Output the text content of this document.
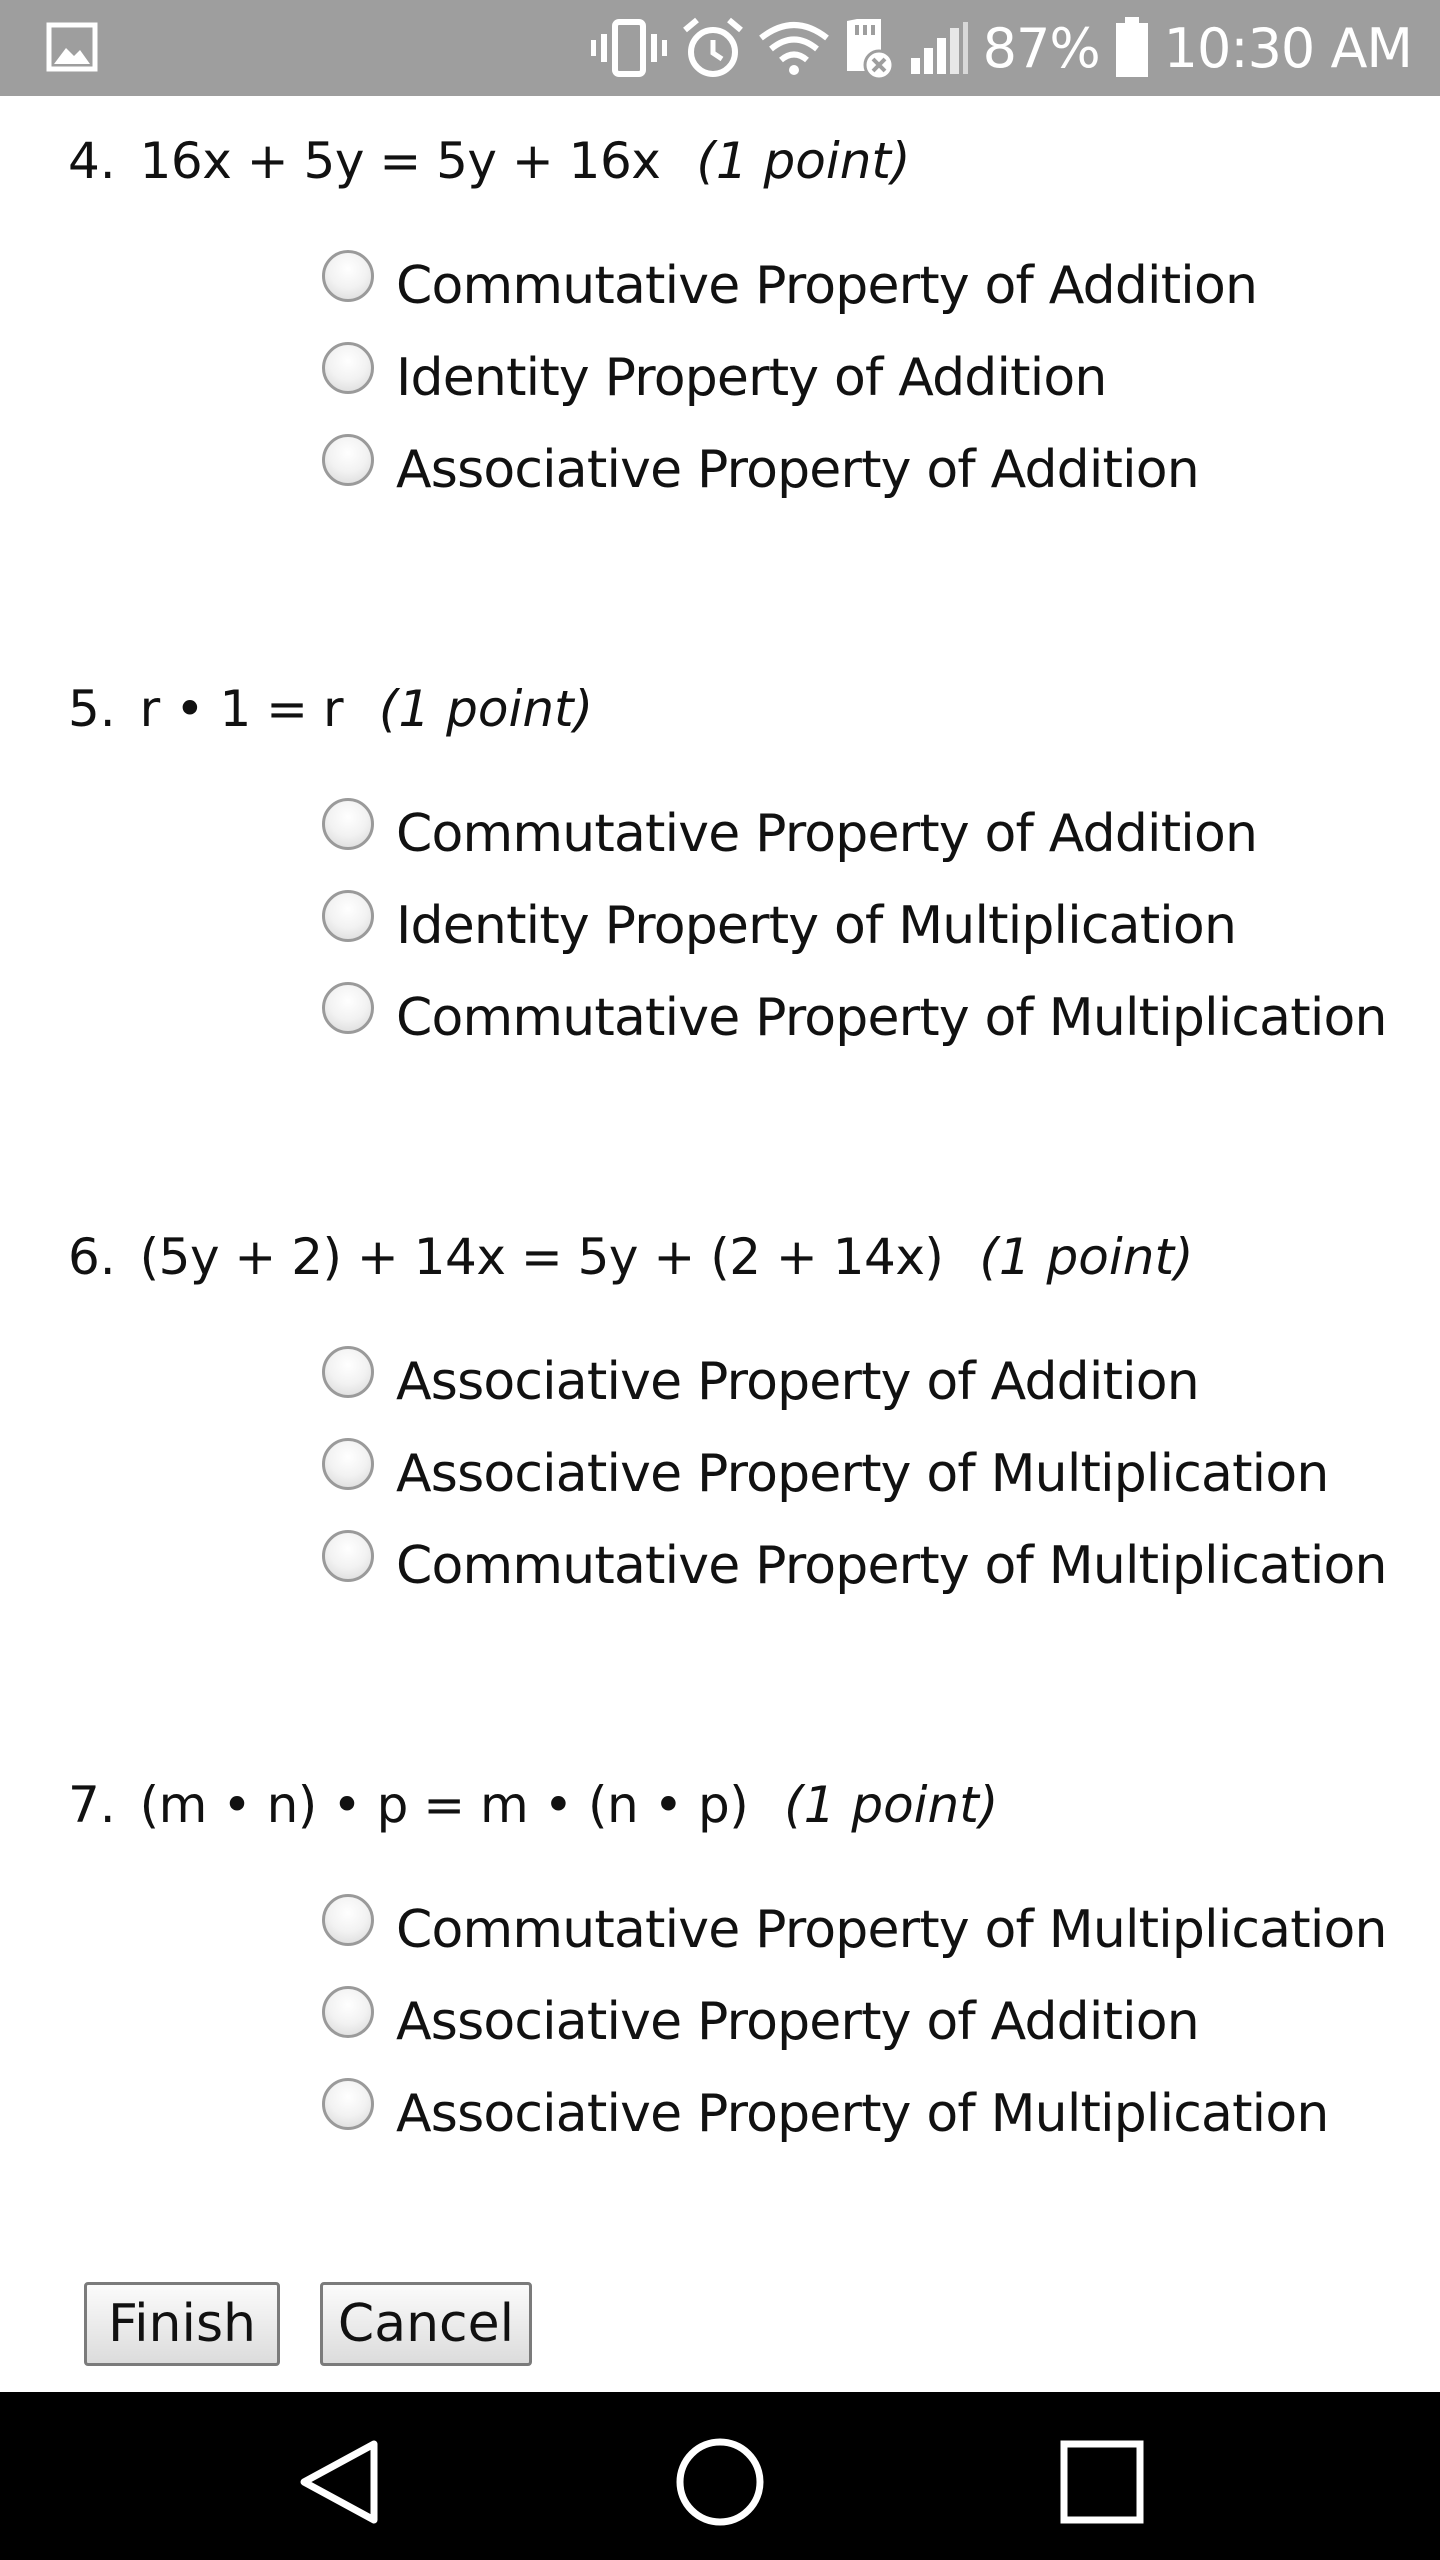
87% 10:30 AM
4. 16x + 5y = 5y + 16x (1 point)
Commutative Property of Addition
Identity Property of Addition
Associative Property of Addition
5. r • 1 = r (1 point)
Commutative Property of Addition
Identity Property of Multiplication
Commutative Property of Multiplication
6. (5y + 2) + 14x = 5y + (2 + 14x) (1 point)
Associative Property of Addition
Associative Property of Multiplication
Commutative Property of Multiplication
7. (m • n) • p = m • (n • p) (1 point)
Commutative Property of Multiplication
Associative Property of Addition
Associative Property of Multiplication
Finish	Cancel
